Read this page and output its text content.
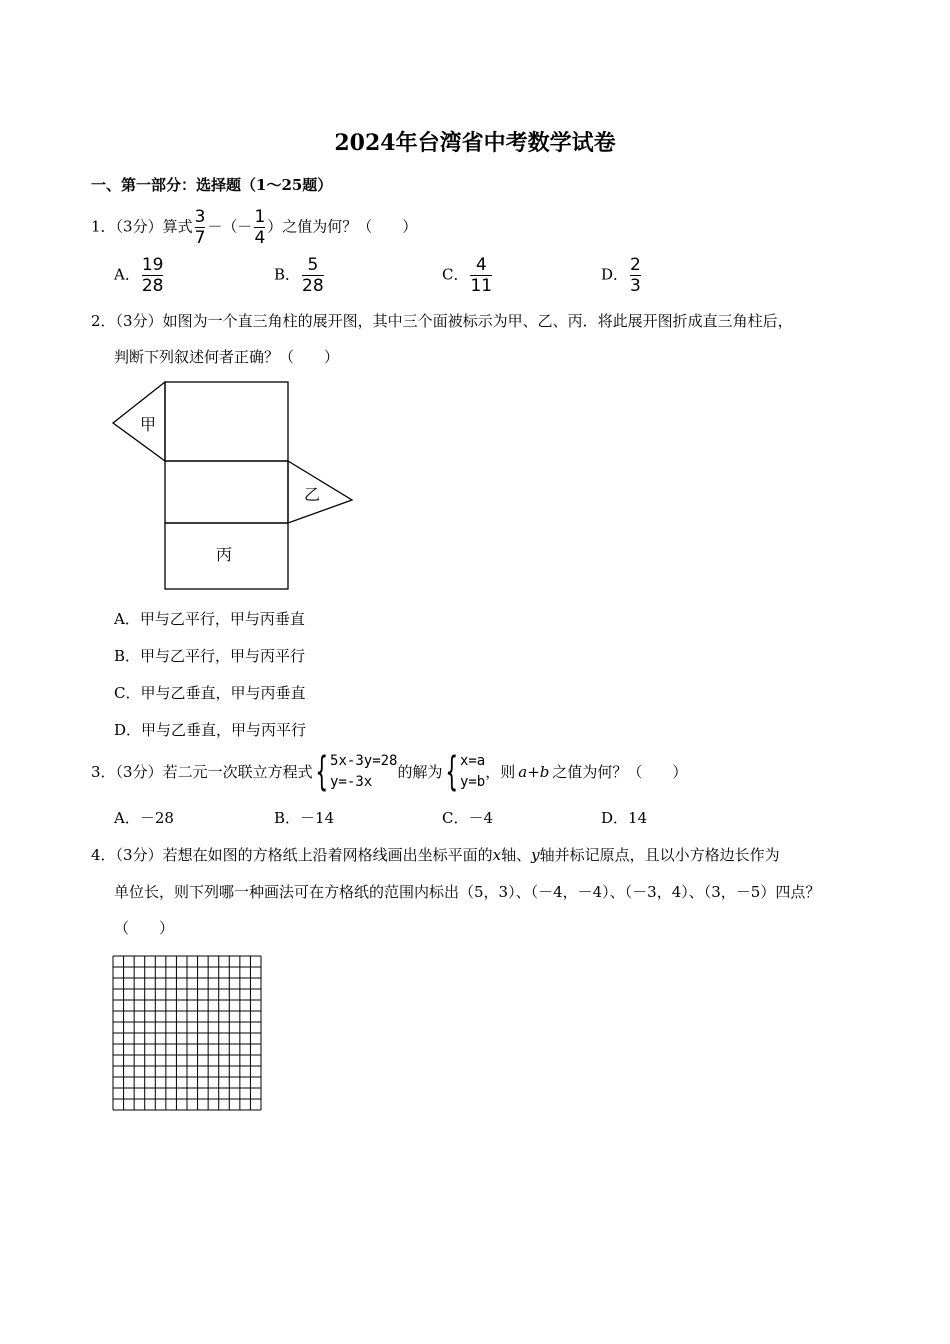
2024年台湾省中考数学试卷
一、第一部分：选择题（1～25题）
1．（3分）算式 $\frac{3}{7}$ －（－ $\frac{1}{4}$ ）之值为何？（　　）
A． $\frac{19}{28}$	B． $\frac{5}{28}$	C． $\frac{4}{11}$	D． $\frac{2}{3}$
2．（3分）如图为一个直三角柱的展开图，其中三个面被标示为甲、乙、丙．将此展开图折成直三角柱后，
判断下列叙述何者正确？（　　）
甲
乙
丙
A．甲与乙平行，甲与丙垂直
B．甲与乙平行，甲与丙平行
C．甲与乙垂直，甲与丙垂直
D．甲与乙垂直，甲与丙平行
3．（3分）若二元一次联立方程式 { 5x-3y=28
y=-3x
的解为 { x=a
y=b
，则 a+b 之值为何？（　　）
A．－28	B．－14	C．－4	D．14
4．（3分）若想在如图的方格纸上沿着网格线画出坐标平面的x轴、y轴并标记原点，且以小方格边长作为
单位长，则下列哪一种画法可在方格纸的范围内标出（5，3）、（－4，－4）、（－3，4）、（3，－5）四点？
（　　）
